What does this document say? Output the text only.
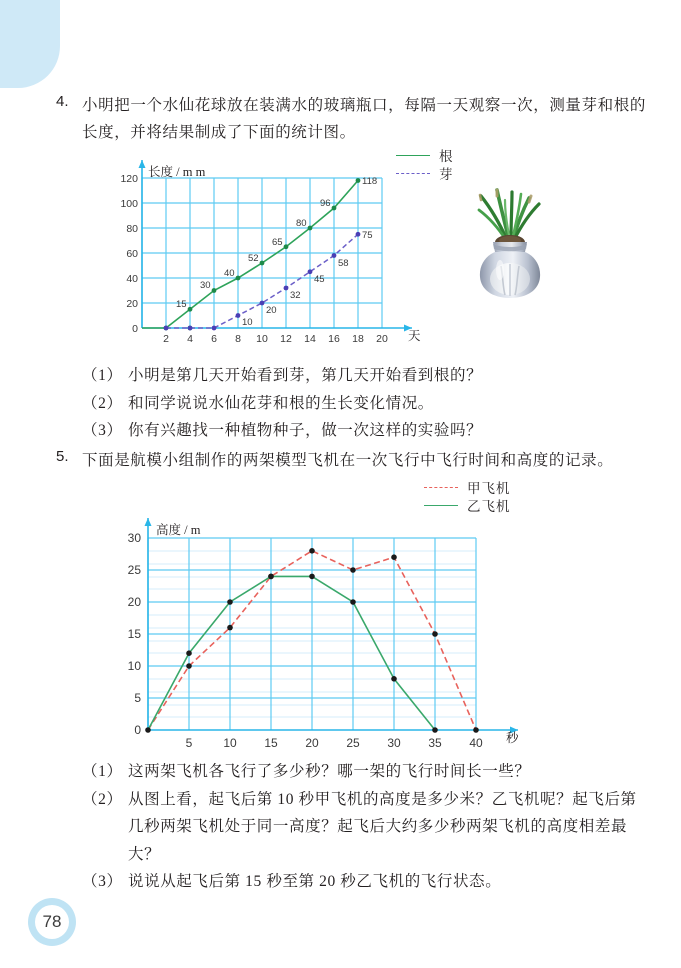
78
4. 小明把一个水仙花球放在装满水的玻璃瓶口，每隔一天观察一次，测量芽和根的长度，并将结果制成了下面的统计图。
15
30
40
52
65
80
96
118
10
20
32
45
58
75
0
20
40
60
80
100
120
2 4 6 8 10 12 14 16 18 20
长度 / m m
天
根
芽
（1） 小明是第几天开始看到芽，第几天开始看到根的？
（2） 和同学说说水仙花芽和根的生长变化情况。
（3） 你有兴趣找一种植物种子，做一次这样的实验吗？
5. 下面是航模小组制作的两架模型飞机在一次飞行中飞行时间和高度的记录。
甲飞机
乙飞机
0
5
10
15
20
25
30
5	10 15 20 25 30 35 40
高度 / m
秒
（1） 这两架飞机各飞行了多少秒？哪一架的飞行时间长一些？
（2） 从图上看，起飞后第 10 秒甲飞机的高度是多少米？乙飞机呢？起飞后第几秒两架飞机处于同一高度？起飞后大约多少秒两架飞机的高度相差最大？
（3） 说说从起飞后第 15 秒至第 20 秒乙飞机的飞行状态。
